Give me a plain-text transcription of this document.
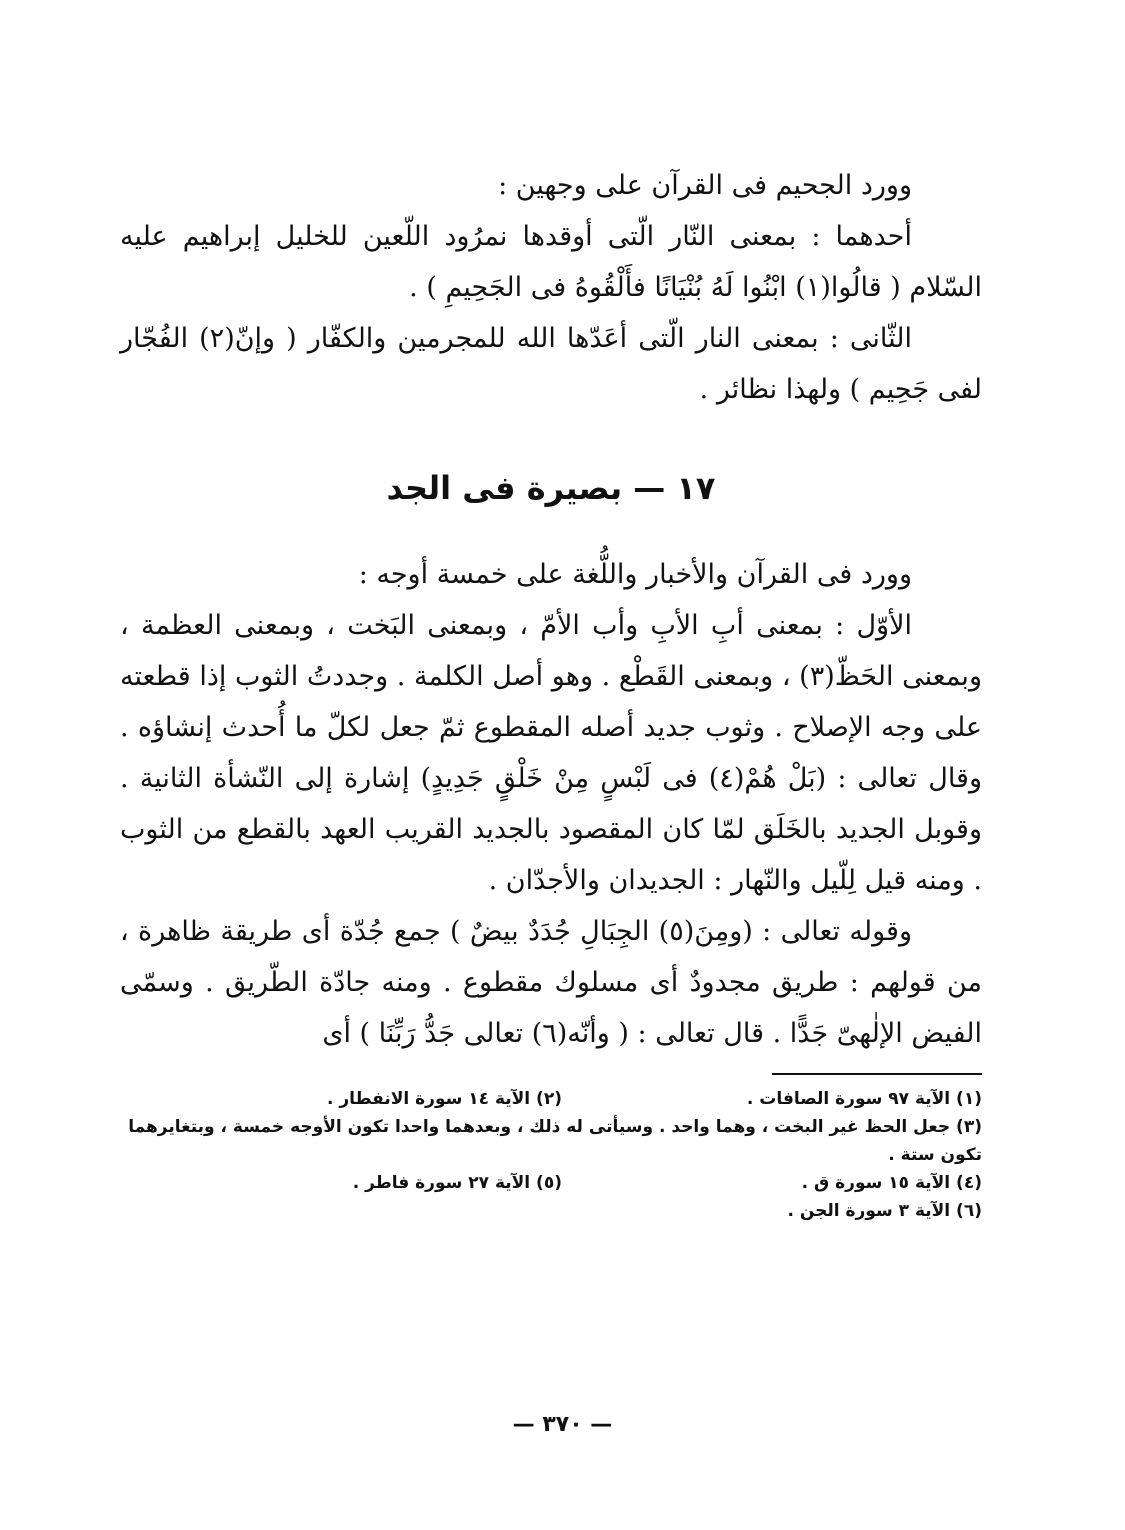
وورد الجحيم فى القرآن على وجهين :

أحدهما : بمعنى النّار الّتى أوقدها نمرُود اللّعين للخليل إبراهيم عليه السّلام ( قالُوا(١) ابْنُوا لَهُ بُنْيَانًا فأَلْقُوهُ فى الجَحِيمِ ) .

الثّانى : بمعنى النار الّتى أعَدّها الله للمجرمين والكفّار ( وإنّ(٢) الفُجّار لفى جَحِيم ) ولهذا نظائر .

١٧ — بصيرة فى الجد

وورد فى القرآن والأخبار واللُّغة على خمسة أوجه :

الأوّل : بمعنى أبِ الأبِ وأب الأمّ ، وبمعنى البَخت ، وبمعنى العظمة ، وبمعنى الحَظّ(٣) ، وبمعنى القَطْع . وهو أصل الكلمة . وجددتُ الثوب إذا قطعته على وجه الإصلاح . وثوب جديد أصله المقطوع ثمّ جعل لكلّ ما أُحدث إنشاؤه . وقال تعالى : (بَلْ هُمْ(٤) فى لَبْسٍ مِنْ خَلْقٍ جَدِيدٍ) إشارة إلى النّشأة الثانية . وقوبل الجديد بالخَلَق لمّا كان المقصود بالجديد القريب العهد بالقطع من الثوب . ومنه قيل لِلّيل والنّهار : الجديدان والأجدّان .

وقوله تعالى : (ومِنَ(٥) الجِبَالِ جُدَدٌ بيضٌ ) جمع جُدّة أى طريقة ظاهرة ، من قولهم : طريق مجدودٌ أى مسلوك مقطوع . ومنه جادّة الطّريق . وسمّى الفيض الإلٰهىّ جَدًّا . قال تعالى : ( وأنّه(٦) تعالى جَدُّ رَبِّنَا ) أى

(١) الآية ٩٧ سورة الصافات .
(٢) الآية ١٤ سورة الانفطار .

(٣) جعل الحظ غير البخت ، وهما واحد . وسيأتى له ذلك ، وبعدهما واحدا تكون الأوجه خمسة ، وبتغايرهما تكون ستة .

(٤) الآية ١٥ سورة ق .
(٥) الآية ٢٧ سورة فاطر .

(٦) الآية ٣ سورة الجن .

— ٣٧٠ —
